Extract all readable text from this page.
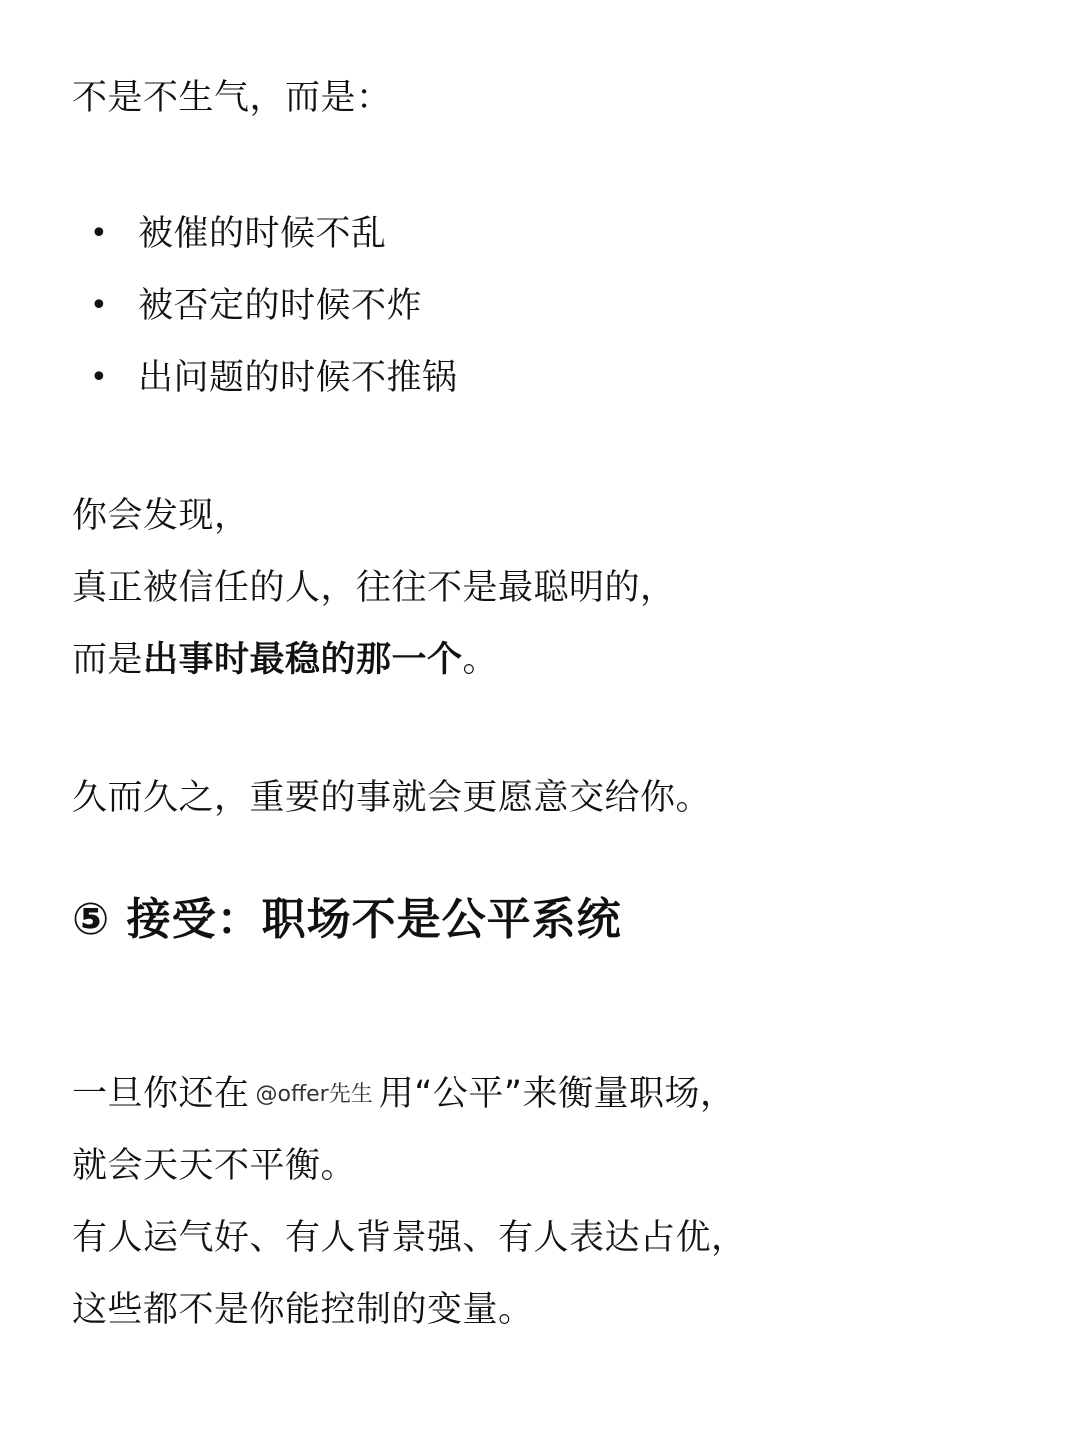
不是不生气，而是：
• 被催的时候不乱
• 被否定的时候不炸
• 出问题的时候不推锅
你会发现，
真正被信任的人，往往不是最聪明的，
而是出事时最稳的那一个。
久而久之，重要的事就会更愿意交给你。
⑤ 接受：职场不是公平系统
一旦你还在 @offer先生 用“公平”来衡量职场，
就会天天不平衡。
有人运气好、有人背景强、有人表达占优，
这些都不是你能控制的变量。
